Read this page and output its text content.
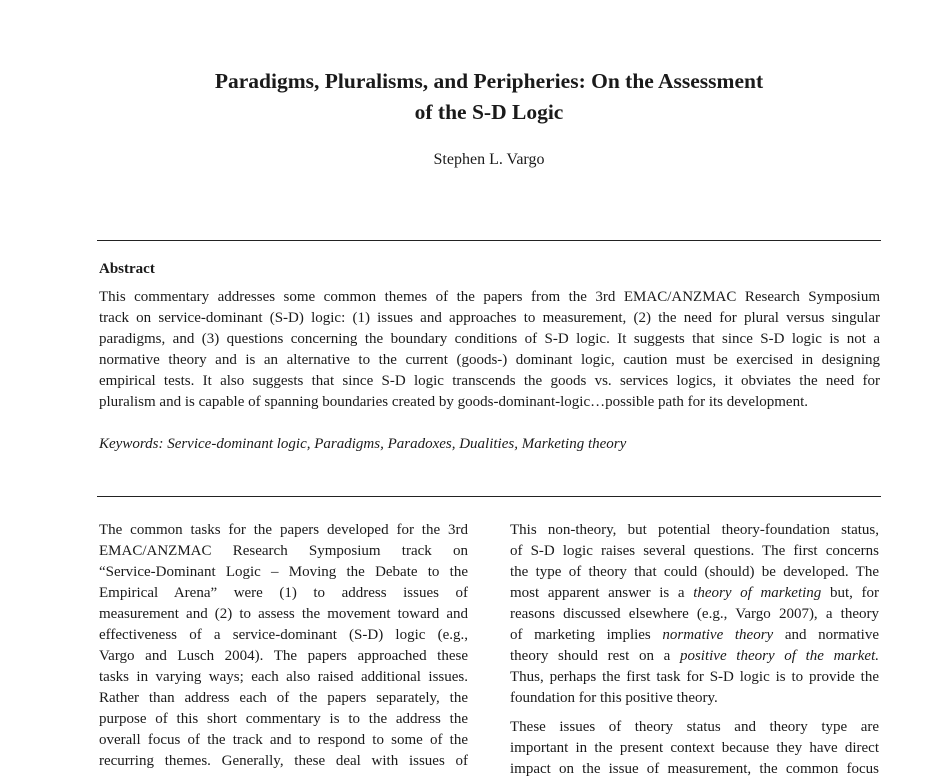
Paradigms, Pluralisms, and Peripheries: On the Assessment
of the S-D Logic
Stephen L. Vargo
Abstract
This commentary addresses some common themes of the papers from the 3rd EMAC/ANZMAC Research Symposium
track on service-dominant (S-D) logic: (1) issues and approaches to measurement, (2) the need for plural versus singular
paradigms, and (3) questions concerning the boundary conditions of S-D logic. It suggests that since S-D logic is not a
normative theory and is an alternative to the current (goods-) dominant logic, caution must be exercised in designing
empirical tests. It also suggests that since S-D logic transcends the goods vs. services logics, it obviates the need for
pluralism and is capable of spanning boundaries created by goods-dominant-logic…possible path for its development.
Keywords: Service-dominant logic, Paradigms, Paradoxes, Dualities, Marketing theory
The common tasks for the papers developed for the 3rd
EMAC/ANZMAC Research Symposium track on
“Service-Dominant Logic – Moving the Debate to the
Empirical Arena” were (1) to address issues of
measurement and (2) to assess the movement toward and
effectiveness of a service-dominant (S-D) logic (e.g.,
Vargo and Lusch 2004). The papers approached these
tasks in varying ways; each also raised additional issues.
Rather than address each of the papers separately, the
purpose of this short commentary is to the address the
overall focus of the track and to respond to some of the
recurring themes. Generally, these deal with issues of
This non-theory, but potential theory-foundation status,
of S-D logic raises several questions. The first concerns
the type of theory that could (should) be developed. The
most apparent answer is a theory of marketing but, for
reasons discussed elsewhere (e.g., Vargo 2007), a theory
of marketing implies normative theory and normative
theory should rest on a positive theory of the market.
Thus, perhaps the first task for S-D logic is to provide the
foundation for this positive theory.
These issues of theory status and theory type are
important in the present context because they have direct
impact on the issue of measurement, the common focus
